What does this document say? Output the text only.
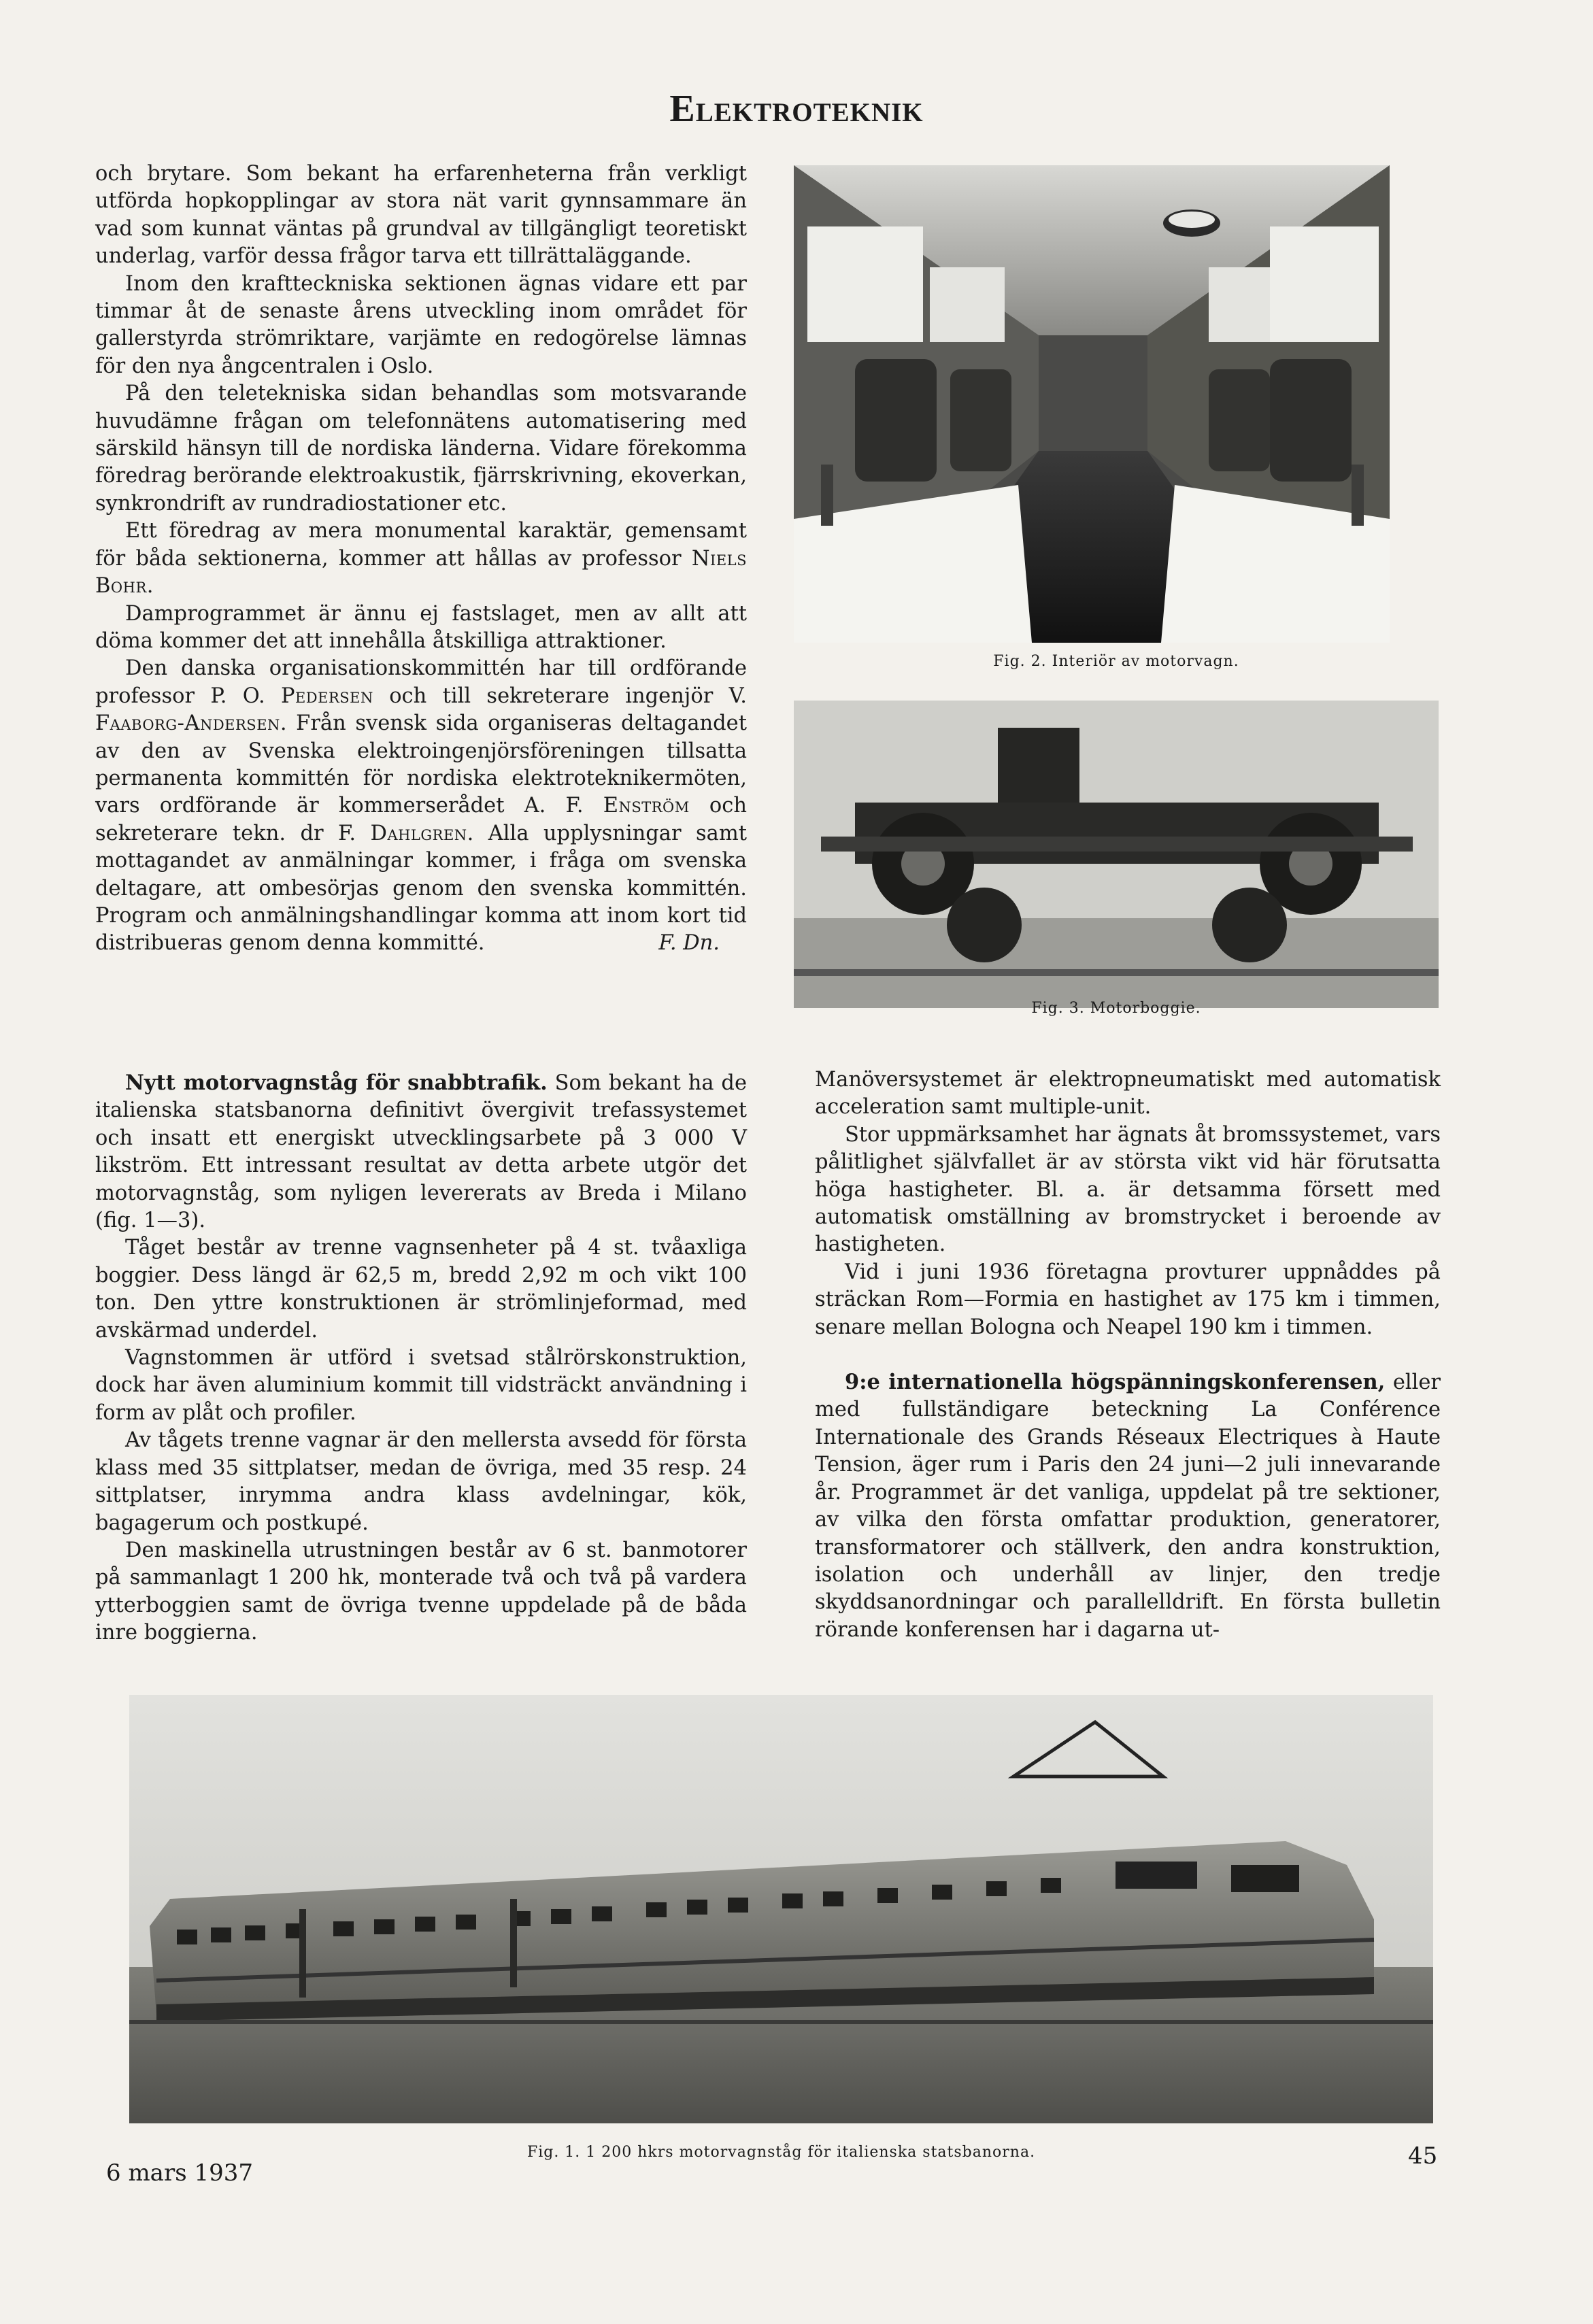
Elektroteknik

och brytare. Som bekant ha erfarenheterna från verkligt utförda hopkopplingar av stora nät varit gynnsammare än vad som kunnat väntas på grundval av tillgängligt teoretiskt underlag, varför dessa frågor tarva ett tillrättaläggande.

Inom den kraftteckniska sektionen ägnas vidare ett par timmar åt de senaste årens utveckling inom området för gallerstyrda strömriktare, varjämte en redogörelse lämnas för den nya ångcentralen i Oslo.

På den teletekniska sidan behandlas som motsvarande huvudämne frågan om telefonnätens automatisering med särskild hänsyn till de nordiska länderna. Vidare förekomma föredrag berörande elektroakustik, fjärrskrivning, ekoverkan, synkrondrift av rundradiostationer etc.

Ett föredrag av mera monumental karaktär, gemensamt för båda sektionerna, kommer att hållas av professor Niels Bohr.

Damprogrammet är ännu ej fastslaget, men av allt att döma kommer det att innehålla åtskilliga attraktioner.

Den danska organisationskommittén har till ordförande professor P. O. Pedersen och till sekreterare ingenjör V. Faaborg-Andersen. Från svensk sida organiseras deltagandet av den av Svenska elektroingenjörsföreningen tillsatta permanenta kommittén för nordiska elektroteknikermöten, vars ordförande är kommerserådet A. F. Enström och sekreterare tekn. dr F. Dahlgren. Alla upplysningar samt mottagandet av anmälningar kommer, i fråga om svenska deltagare, att ombesörjas genom den svenska kommittén. Program och anmälningshandlingar komma att inom kort tid distribueras genom denna kommitté.	F. Dn.

Fig. 2. Interiör av motorvagn.
Fig. 3. Motorboggie.

Nytt motorvagnståg för snabbtrafik. Som bekant ha de italienska statsbanorna definitivt övergivit trefassystemet och insatt ett energiskt utvecklingsarbete på 3 000 V likström. Ett intressant resultat av detta arbete utgör det motorvagnståg, som nyligen levererats av Breda i Milano (fig. 1—3).

Tåget består av trenne vagnsenheter på 4 st. tvåaxliga boggier. Dess längd är 62,5 m, bredd 2,92 m och vikt 100 ton. Den yttre konstruktionen är strömlinjeformad, med avskärmad underdel.

Vagnstommen är utförd i svetsad stålrörskonstruktion, dock har även aluminium kommit till vidsträckt användning i form av plåt och profiler.

Av tågets trenne vagnar är den mellersta avsedd för första klass med 35 sittplatser, medan de övriga, med 35 resp. 24 sittplatser, inrymma andra klass avdelningar, kök, bagagerum och postkupé.

Den maskinella utrustningen består av 6 st. banmotorer på sammanlagt 1 200 hk, monterade två och två på vardera ytterboggien samt de övriga tvenne uppdelade på de båda inre boggierna.

Manöversystemet är elektropneumatiskt med automatisk acceleration samt multiple-unit.

Stor uppmärksamhet har ägnats åt bromssystemet, vars pålitlighet självfallet är av största vikt vid här förutsatta höga hastigheter. Bl. a. är detsamma försett med automatisk omställning av bromstrycket i beroende av hastigheten.

Vid i juni 1936 företagna provturer uppnåddes på sträckan Rom—Formia en hastighet av 175 km i timmen, senare mellan Bologna och Neapel 190 km i timmen.

9:e internationella högspänningskonferensen, eller med fullständigare beteckning La Conférence Internationale des Grands Réseaux Electriques à Haute Tension, äger rum i Paris den 24 juni—2 juli innevarande år. Programmet är det vanliga, uppdelat på tre sektioner, av vilka den första omfattar produktion, generatorer, transformatorer och ställverk, den andra konstruktion, isolation och underhåll av linjer, den tredje skyddsanordningar och parallelldrift. En första bulletin rörande konferensen har i dagarna ut-

Fig. 1. 1 200 hkrs motorvagnståg för italienska statsbanorna.
6 mars 1937
45
